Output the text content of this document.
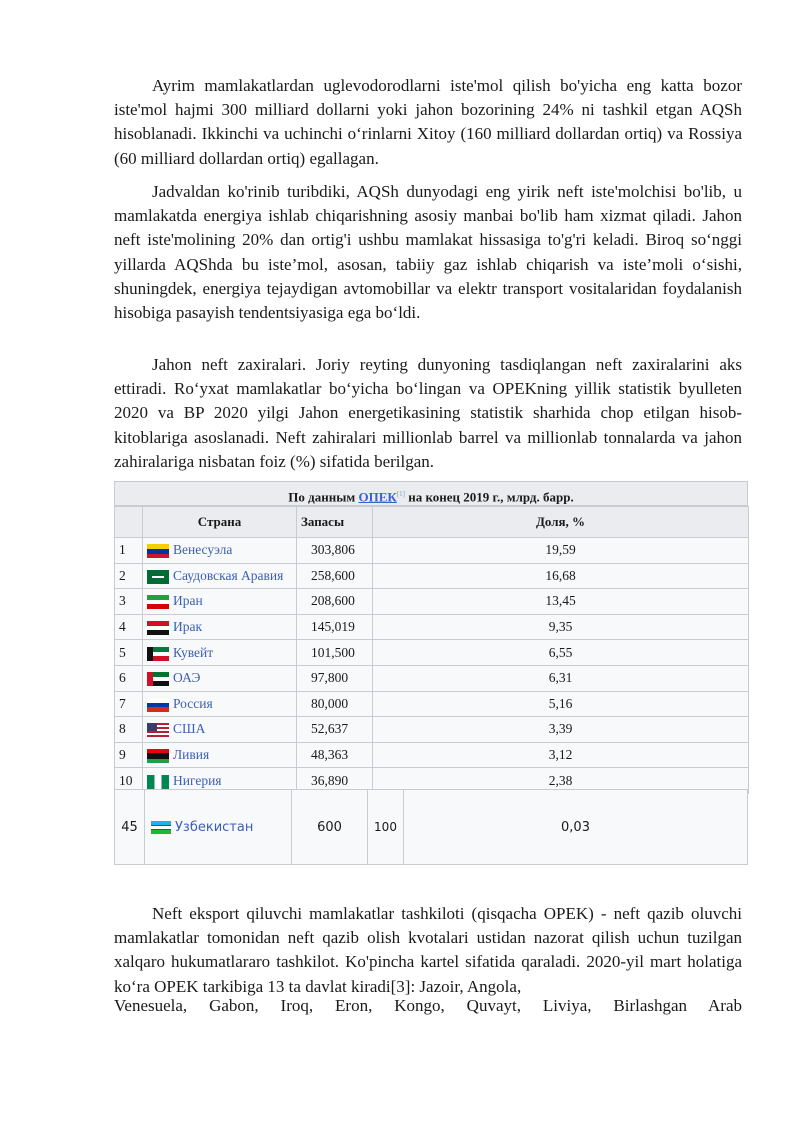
Ayrim mamlakatlardan uglevodorodlarni iste'mol qilish bo'yicha eng katta bozor iste'mol hajmi 300 milliard dollarni yoki jahon bozorining 24% ni tashkil etgan AQSh hisoblanadi. Ikkinchi va uchinchi o‘rinlarni Xitoy (160 milliard dollardan ortiq) va Rossiya (60 milliard dollardan ortiq) egallagan.

Jadvaldan ko'rinib turibdiki, AQSh dunyodagi eng yirik neft iste'molchisi bo'lib, u mamlakatda energiya ishlab chiqarishning asosiy manbai bo'lib ham xizmat qiladi. Jahon neft iste'molining 20% dan ortig'i ushbu mamlakat hissasiga to'g'ri keladi. Biroq so‘nggi yillarda AQShda bu iste’mol, asosan, tabiiy gaz ishlab chiqarish va iste’moli o‘sishi, shuningdek, energiya tejaydigan avtomobillar va elektr transport vositalaridan foydalanish hisobiga pasayish tendentsiyasiga ega bo‘ldi.

Jahon neft zaxiralari. Joriy reyting dunyoning tasdiqlangan neft zaxiralarini aks ettiradi. Ro‘yxat mamlakatlar bo‘yicha bo‘lingan va OPEKning yillik statistik byulleten 2020 va BP 2020 yilgi Jahon energetikasining statistik sharhida chop etilgan hisob-kitoblariga asoslanadi. Neft zahiralari millionlab barrel va millionlab tonnalarda va jahon zahiralariga nisbatan foiz (%) sifatida berilgan.

По данным ОПЕК[1] на конец 2019 г., млрд. барр.
	Страна	Запасы	Доля, %
1	Венесуэла	303,806	19,59
2	Саудовская Аравия	258,600	16,68
3	Иран	208,600	13,45
4	Ирак	145,019	9,35
5	Кувейт	101,500	6,55
6	ОАЭ	97,800	6,31
7	Россия	80,000	5,16
8	США	52,637	3,39
9	Ливия	48,363	3,12
10	Нигерия	36,890	2,38
45	Узбекистан	600	100	0,03

Neft eksport qiluvchi mamlakatlar tashkiloti (qisqacha OPEK) - neft qazib oluvchi mamlakatlar tomonidan neft qazib olish kvotalari ustidan nazorat qilish uchun tuzilgan xalqaro hukumatlararo tashkilot. Ko'pincha kartel sifatida qaraladi. 2020-yil mart holatiga ko‘ra OPEK tarkibiga 13 ta davlat kiradi[3]: Jazoir, Angola,

Venesuela, Gabon, Iroq, Eron, Kongo, Quvayt, Liviya, Birlashgan Arab
